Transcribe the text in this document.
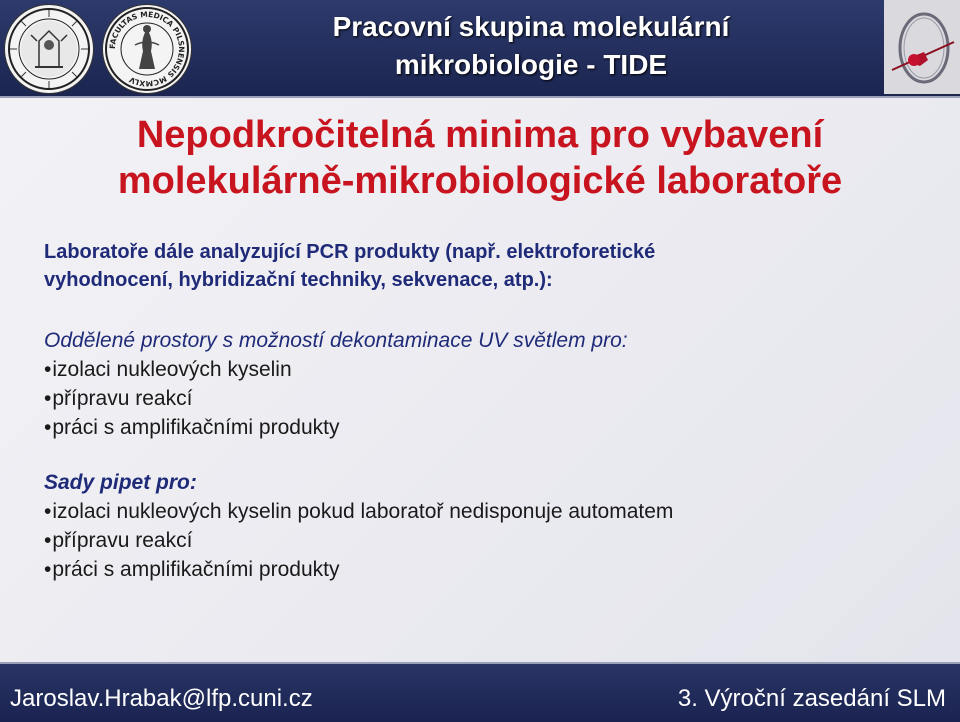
FACULTAS MEDICA PILSNENSIS MCMXLV
Pracovní skupina molekulární
mikrobiologie - TIDE
Nepodkročitelná minima pro vybavení
molekulárně-mikrobiologické laboratoře
Laboratoře dále analyzující PCR produkty (např. elektroforetické
vyhodnocení, hybridizační techniky, sekvenace, atp.):
Oddělené prostory s možností dekontaminace UV světlem pro:
• izolaci nukleových kyselin
• přípravu reakcí
• práci s amplifikačními produkty
Sady pipet pro:
• izolaci nukleových kyselin pokud laboratoř nedisponuje automatem
• přípravu reakcí
• práci s amplifikačními produkty
Jaroslav.Hrabak@lfp.cuni.cz	3. Výroční zasedání SLM
